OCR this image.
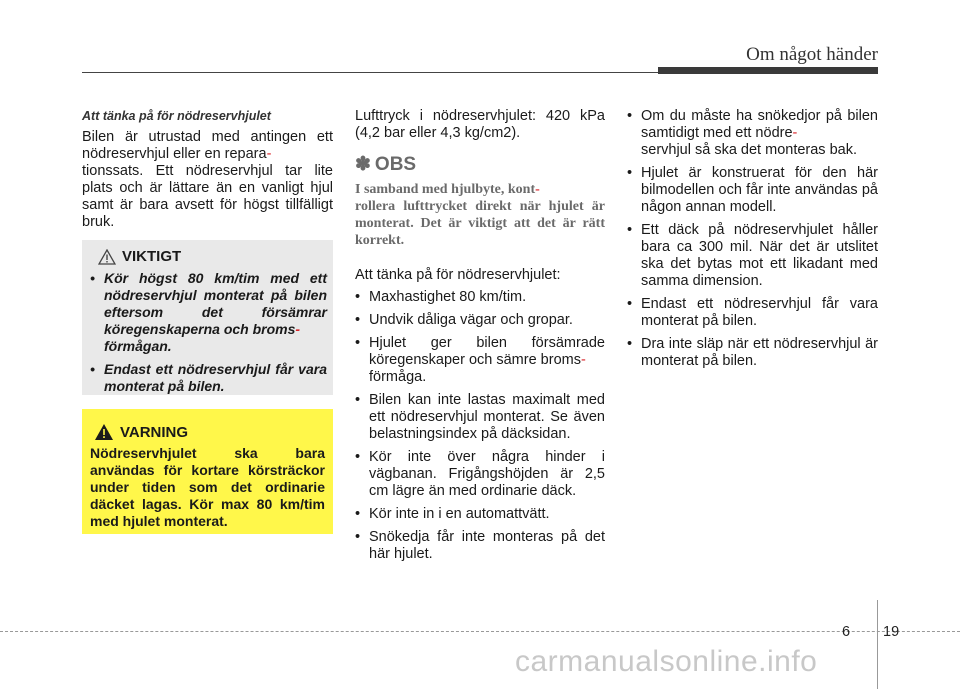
Om något händer
Att tänka på för nödreservhjulet

Bilen är utrustad med antingen ett nödreservhjul eller en repara-
tionssats. Ett nödreservhjul tar lite plats och är lättare än en vanligt hjul samt är bara avsett för högst tillfälligt bruk.

VIKTIGT
• Kör högst 80 km/tim med ett nödreservhjul monterat på bilen eftersom det försämrar köregenskaperna och broms-
förmågan.
• Endast ett nödreservhjul får vara monterat på bilen.
VARNING

Nödreservhjulet ska bara användas för kortare körsträckor under tiden som det ordinarie däcket lagas. Kör max 80 km/tim med hjulet monterat.

Lufttryck i nödreservhjulet: 420 kPa (4,2 bar eller 4,3 kg/cm2).

✽ OBS

I samband med hjulbyte, kont-
rollera lufttrycket direkt när hjulet är monterat. Det är viktigt att det är rätt korrekt.

Att tänka på för nödreservhjulet:

• Maxhastighet 80 km/tim.
• Undvik dåliga vägar och gropar.
• Hjulet ger bilen försämrade köregenskaper och sämre broms-
förmåga.
• Bilen kan inte lastas maximalt med ett nödreservhjul monterat. Se även belastningsindex på däcksidan.
• Kör inte över några hinder i vägbanan. Frigångshöjden är 2,5 cm lägre än med ordinarie däck.
• Kör inte in i en automattvätt.
• Snökedja får inte monteras på det här hjulet.
• Om du måste ha snökedjor på bilen samtidigt med ett nödre-
servhjul så ska det monteras bak.
• Hjulet är konstruerat för den här bilmodellen och får inte användas på någon annan modell.
• Ett däck på nödreservhjulet håller bara ca 300 mil. När det är utslitet ska det bytas mot ett likadant med samma dimension.
• Endast ett nödreservhjul får vara monterat på bilen.
• Dra inte släp när ett nödreservhjul är monterat på bilen.
6 19
carmanualsonline.info
